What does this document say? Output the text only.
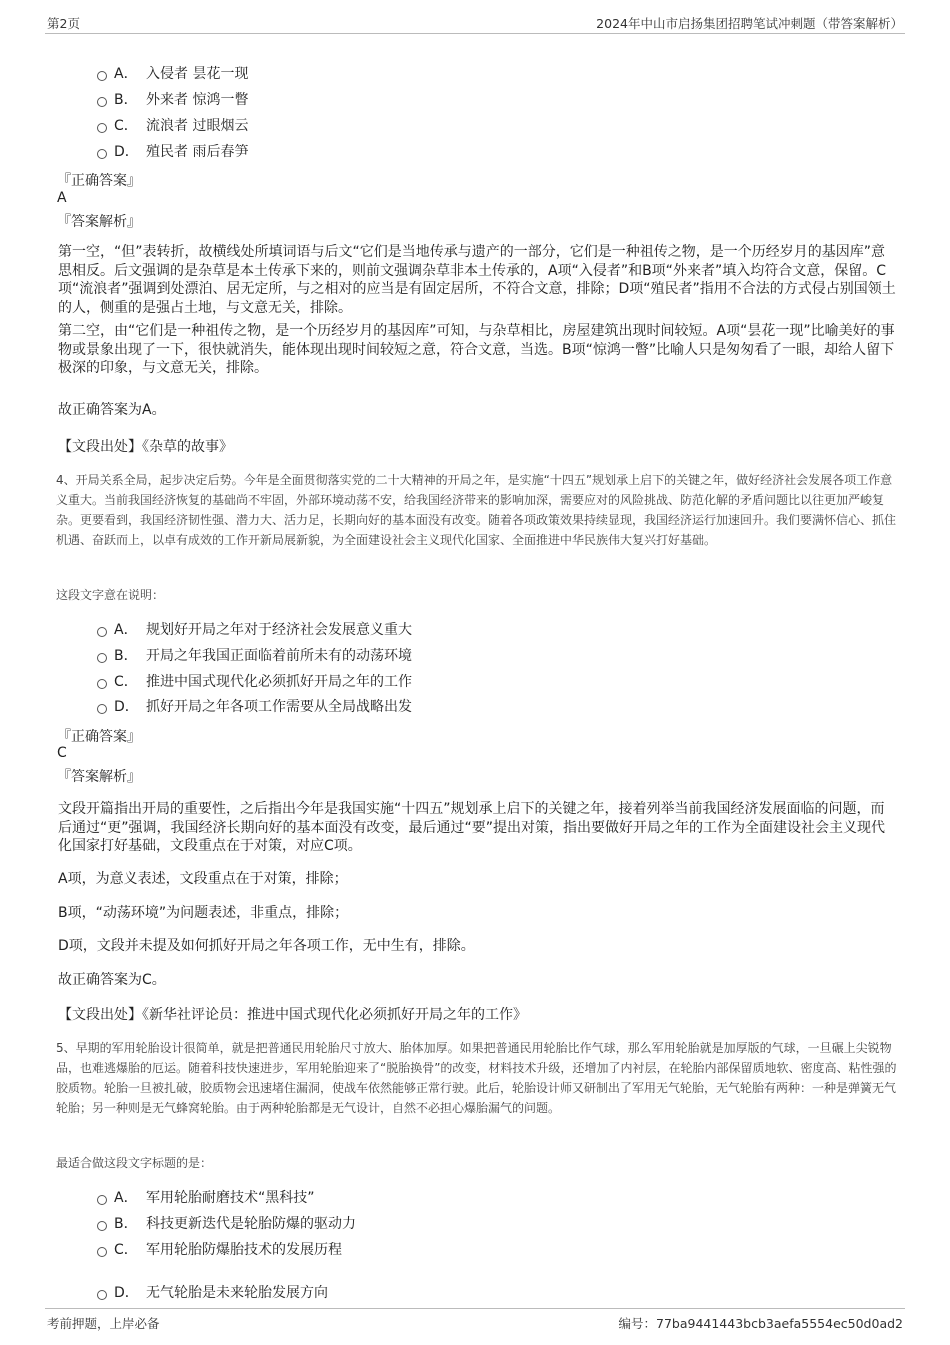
第2页	2024年中山市启扬集团招聘笔试冲刺题（带答案解析）
A． 入侵者 昙花一现
B． 外来者 惊鸿一瞥
C． 流浪者 过眼烟云
D． 殖民者 雨后春笋
『正确答案』
A
『答案解析』
第一空，“但”表转折，故横线处所填词语与后文“它们是当地传承与遗产的一部分，它们是一种祖传之物，是一个历经岁月的基因库”意思相反。后文强调的是杂草是本土传承下来的，则前文强调杂草非本土传承的，A项“入侵者”和B项“外来者”填入均符合文意，保留。C项“流浪者”强调到处漂泊、居无定所，与之相对的应当是有固定居所，不符合文意，排除；D项“殖民者”指用不合法的方式侵占别国领土的人，侧重的是强占土地，与文意无关，排除。
第二空，由“它们是一种祖传之物，是一个历经岁月的基因库”可知，与杂草相比，房屋建筑出现时间较短。A项“昙花一现”比喻美好的事物或景象出现了一下，很快就消失，能体现出现时间较短之意，符合文意，当选。B项“惊鸿一瞥”比喻人只是匆匆看了一眼，却给人留下极深的印象，与文意无关，排除。
故正确答案为A。
【文段出处】《杂草的故事》
4、开局关系全局，起步决定后势。今年是全面贯彻落实党的二十大精神的开局之年，是实施“十四五”规划承上启下的关键之年，做好经济社会发展各项工作意义重大。当前我国经济恢复的基础尚不牢固，外部环境动荡不安，给我国经济带来的影响加深，需要应对的风险挑战、防范化解的矛盾问题比以往更加严峻复杂。更要看到，我国经济韧性强、潜力大、活力足，长期向好的基本面没有改变。随着各项政策效果持续显现，我国经济运行加速回升。我们要满怀信心、抓住机遇、奋跃而上，以卓有成效的工作开新局展新貌，为全面建设社会主义现代化国家、全面推进中华民族伟大复兴打好基础。
这段文字意在说明：
A． 规划好开局之年对于经济社会发展意义重大
B． 开局之年我国正面临着前所未有的动荡环境
C． 推进中国式现代化必须抓好开局之年的工作
D． 抓好开局之年各项工作需要从全局战略出发
『正确答案』
C
『答案解析』
文段开篇指出开局的重要性，之后指出今年是我国实施“十四五”规划承上启下的关键之年，接着列举当前我国经济发展面临的问题，而后通过“更”强调，我国经济长期向好的基本面没有改变，最后通过“要”提出对策，指出要做好开局之年的工作为全面建设社会主义现代化国家打好基础，文段重点在于对策，对应C项。
A项，为意义表述，文段重点在于对策，排除；
B项，“动荡环境”为问题表述，非重点，排除；
D项，文段并未提及如何抓好开局之年各项工作，无中生有，排除。
故正确答案为C。
【文段出处】《新华社评论员：推进中国式现代化必须抓好开局之年的工作》
5、早期的军用轮胎设计很简单，就是把普通民用轮胎尺寸放大、胎体加厚。如果把普通民用轮胎比作气球，那么军用轮胎就是加厚版的气球，一旦碾上尖锐物品，也难逃爆胎的厄运。随着科技快速进步，军用轮胎迎来了“脱胎换骨”的改变，材料技术升级，还增加了内衬层，在轮胎内部保留质地软、密度高、粘性强的胶质物。轮胎一旦被扎破，胶质物会迅速堵住漏洞，使战车依然能够正常行驶。此后，轮胎设计师又研制出了军用无气轮胎，无气轮胎有两种：一种是弹簧无气轮胎；另一种则是无气蜂窝轮胎。由于两种轮胎都是无气设计，自然不必担心爆胎漏气的问题。
最适合做这段文字标题的是：
A． 军用轮胎耐磨技术“黑科技”
B． 科技更新迭代是轮胎防爆的驱动力
C． 军用轮胎防爆胎技术的发展历程
D． 无气轮胎是未来轮胎发展方向
考前押题，上岸必备	编号：77ba9441443bcb3aefa5554ec50d0ad2
